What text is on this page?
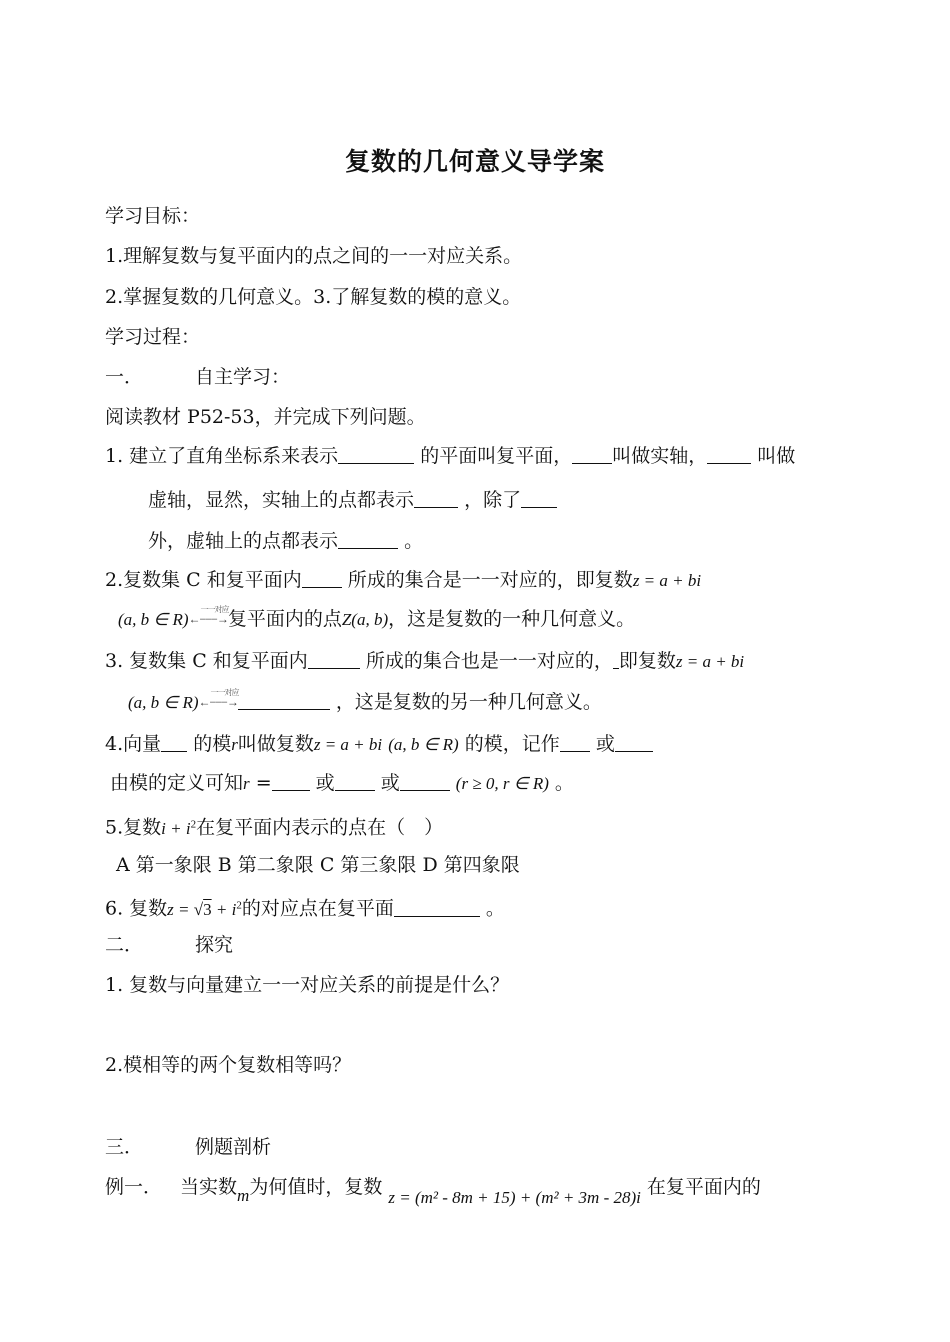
复数的几何意义导学案
学习目标：
1.理解复数与复平面内的点之间的一一对应关系。
2.掌握复数的几何意义。3.了解复数的模的意义。
学习过程：
一．	自主学习：
阅读教材 P52-53，并完成下列问题。
1. 建立了直角坐标系来表示	的平面叫复平面， 叫做实轴，	叫做
虚轴，显然，实轴上的点都表示	，除了
外，虚轴上的点都表示	。
2.复数集 C 和复平面内 所成的集合是一一对应的，即复数z = a + bi
(a, b ∈ R)←−−−→
一一对应 复平面内的点Z(a, b)，这是复数的一种几何意义。
3. 复数集 C 和复平面内	所成的集合也是一一对应的， 即复数z = a + bi
(a, b ∈ R)←−−−→
一一对应	，这是复数的另一种几何意义。
4.向量 的模r叫做复数z = a + bi (a, b ∈ R) 的模，记作 或
由模的定义可知r = 或 或	(r ≥ 0, r ∈ R) 。
5.复数$i + i^2$在复平面内表示的点在（　）
A 第一象限 B 第二象限 C 第三象限 D 第四象限
6. 复数$z = √3 + i^2$的对应点在复平面	。
二．	探究
1. 复数与向量建立一一对应关系的前提是什么？
2.模相等的两个复数相等吗？
三．	例题剖析
例一． 当实数m为何值时，复数 z = (m² - 8m + 15) + (m² + 3m - 28)i 在复平面内的
